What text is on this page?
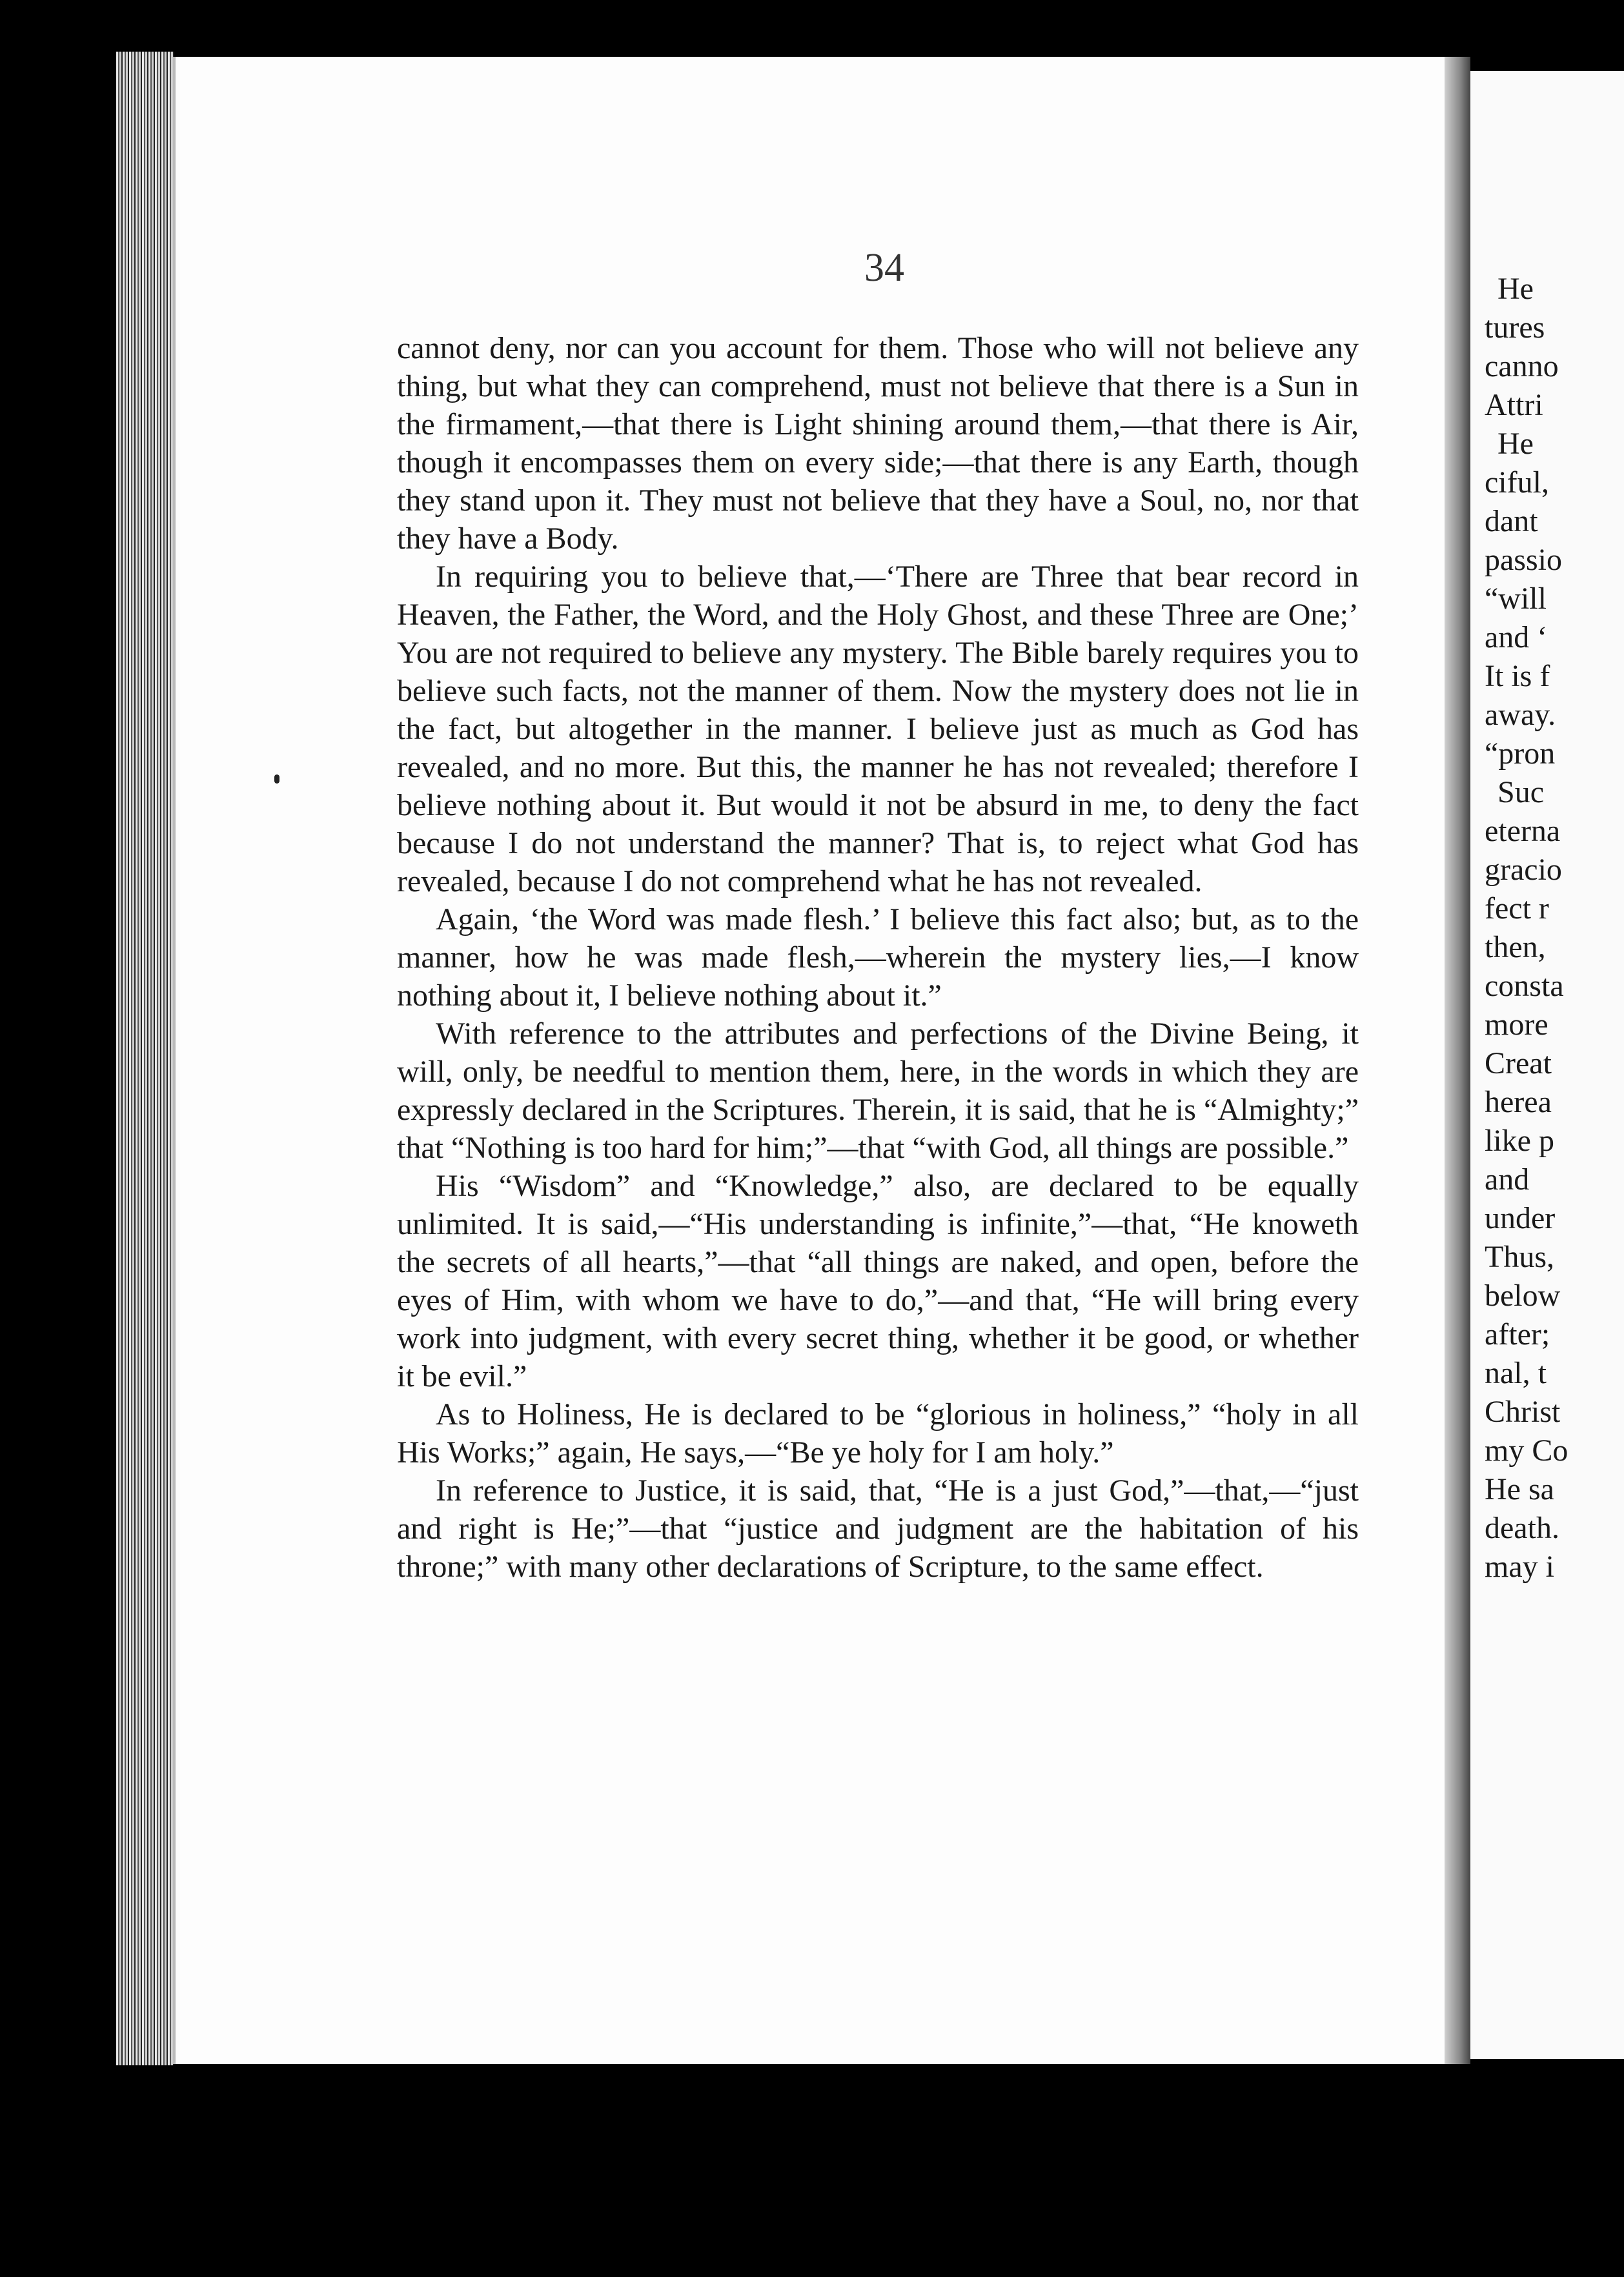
He
tures
canno
Attri
He
ciful,
dant
passio
“will
and ‘
It is f
away.
“pron
Suc
eterna
gracio
fect r
then,
consta
more
Creat
herea
like p
and
under
Thus,
below
after;
nal, t
Christ
my Co
He sa
death.
may i
34

cannot deny, nor can you account for them. Those who will not believe any thing, but what they can comprehend, must not believe that there is a Sun in the firmament,—that there is Light shining around them,—that there is Air, though it encompasses them on every side;—that there is any Earth, though they stand upon it. They must not believe that they have a Soul, no, nor that they have a Body.

In requiring you to believe that,—‘There are Three that bear record in Heaven, the Father, the Word, and the Holy Ghost, and these Three are One;’ You are not required to believe any mystery. The Bible barely requires you to believe such facts, not the manner of them. Now the mystery does not lie in the fact, but altogether in the manner. I believe just as much as God has revealed, and no more. But this, the manner he has not revealed; therefore I believe nothing about it. But would it not be absurd in me, to deny the fact because I do not understand the manner? That is, to reject what God has revealed, because I do not comprehend what he has not revealed.

Again, ‘the Word was made flesh.’ I believe this fact also; but, as to the manner, how he was made flesh,—wherein the mystery lies,—I know nothing about it, I believe nothing about it.”

With reference to the attributes and perfections of the Divine Being, it will, only, be needful to mention them, here, in the words in which they are expressly declared in the Scriptures. Therein, it is said, that he is “Almighty;” that “Nothing is too hard for him;”—that “with God, all things are possible.”

His “Wisdom” and “Knowledge,” also, are declared to be equally unlimited. It is said,—“His understanding is infinite,”—that, “He knoweth the secrets of all hearts,”—that “all things are naked, and open, before the eyes of Him, with whom we have to do,”—and that, “He will bring every work into judgment, with every secret thing, whether it be good, or whether it be evil.”

As to Holiness, He is declared to be “glorious in holiness,” “holy in all His Works;” again, He says,—“Be ye holy for I am holy.”

In reference to Justice, it is said, that, “He is a just God,”—that,—“just and right is He;”—that “justice and judgment are the habitation of his throne;” with many other declarations of Scripture, to the same effect.
